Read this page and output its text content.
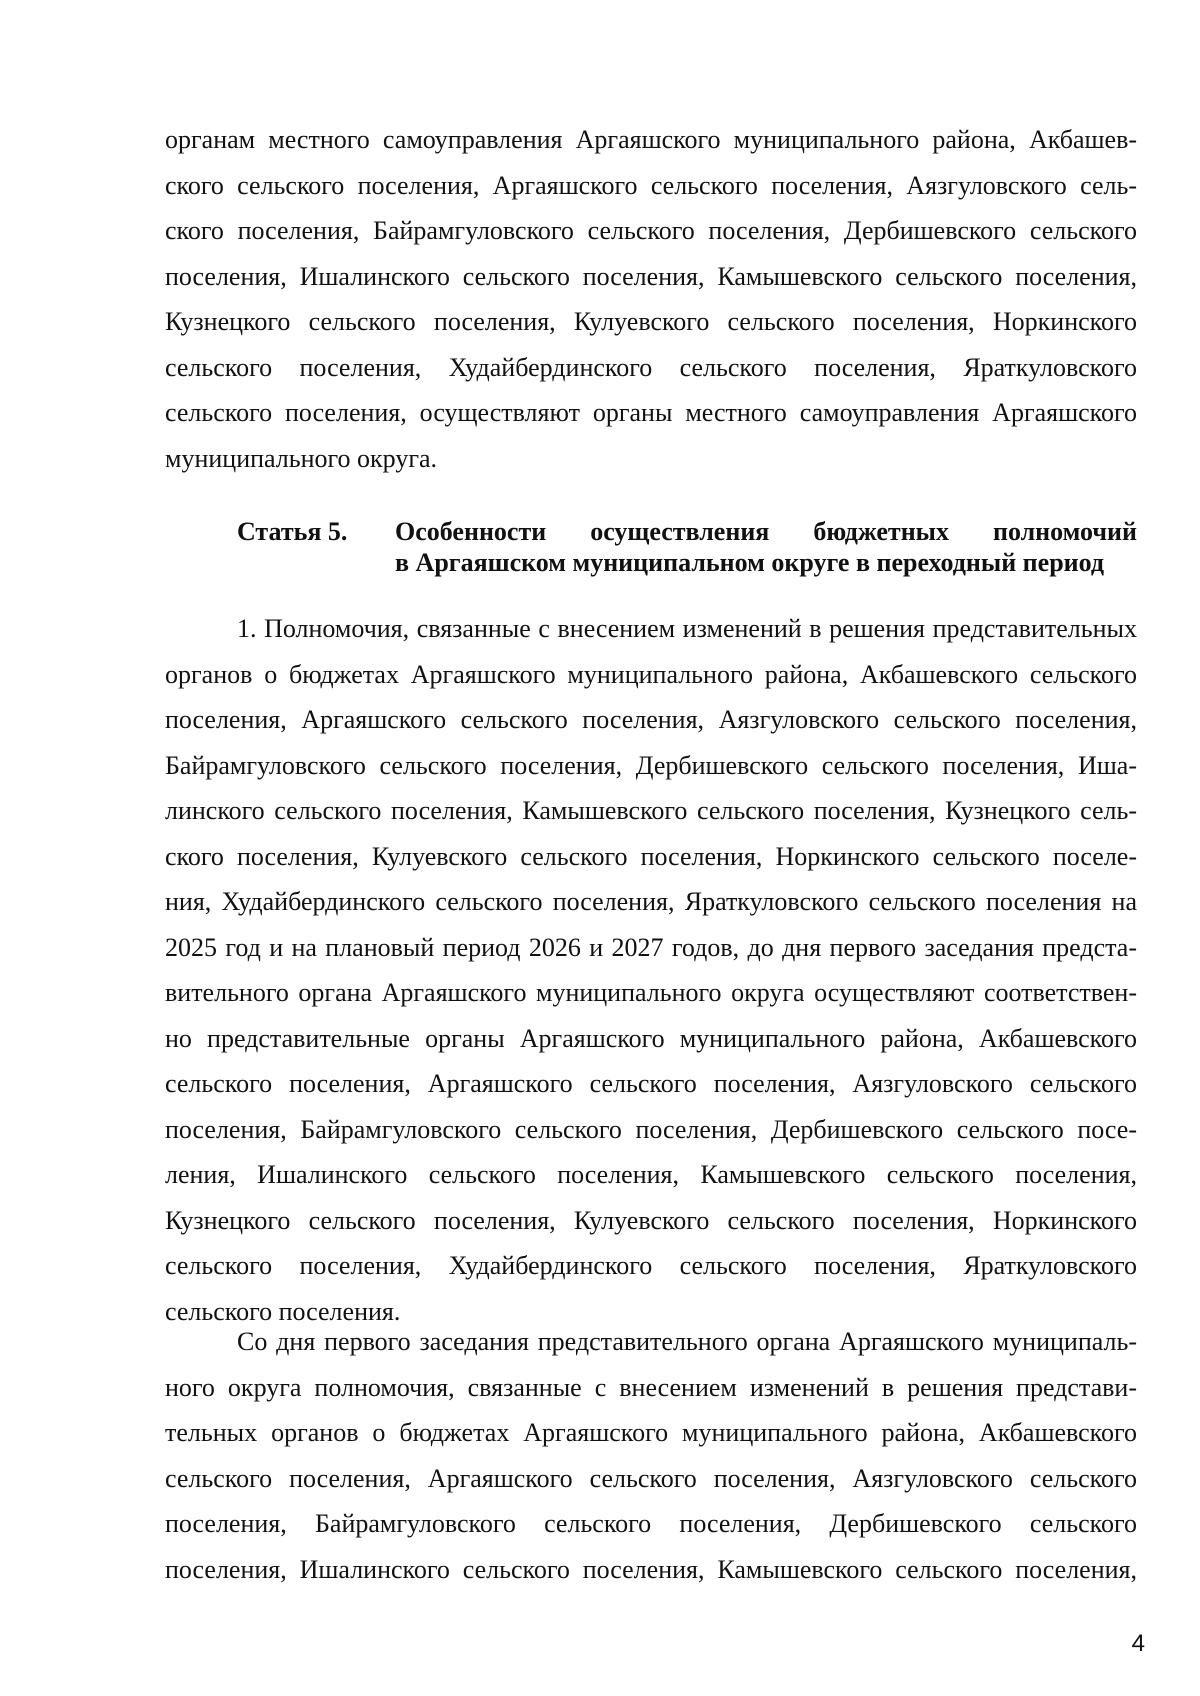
органам местного самоуправления Аргаяшского муниципального района, Акбашев-
ского сельского поселения, Аргаяшского сельского поселения, Аязгуловского сель-
ского поселения, Байрамгуловского сельского поселения, Дербишевского сельского
поселения, Ишалинского сельского поселения, Камышевского сельского поселения,
Кузнецкого сельского поселения, Кулуевского сельского поселения, Норкинского
сельского поселения, Худайбердинского сельского поселения, Яраткуловского
сельского поселения, осуществляют органы местного самоуправления Аргаяшского
муниципального округа.
Статья 5.	Особенности осуществления бюджетных полномочий
в Аргаяшском муниципальном округе в переходный период
1. Полномочия, связанные с внесением изменений в решения представительных
органов о бюджетах Аргаяшского муниципального района, Акбашевского сельского
поселения, Аргаяшского сельского поселения, Аязгуловского сельского поселения,
Байрамгуловского сельского поселения, Дербишевского сельского поселения, Иша-
линского сельского поселения, Камышевского сельского поселения, Кузнецкого сель-
ского поселения, Кулуевского сельского поселения, Норкинского сельского поселе-
ния, Худайбердинского сельского поселения, Яраткуловского сельского поселения на
2025 год и на плановый период 2026 и 2027 годов, до дня первого заседания предста-
вительного органа Аргаяшского муниципального округа осуществляют соответствен-
но представительные органы Аргаяшского муниципального района, Акбашевского
сельского поселения, Аргаяшского сельского поселения, Аязгуловского сельского
поселения, Байрамгуловского сельского поселения, Дербишевского сельского посе-
ления, Ишалинского сельского поселения, Камышевского сельского поселения,
Кузнецкого сельского поселения, Кулуевского сельского поселения, Норкинского
сельского поселения, Худайбердинского сельского поселения, Яраткуловского
сельского поселения.
Со дня первого заседания представительного органа Аргаяшского муниципаль-
ного округа полномочия, связанные с внесением изменений в решения представи-
тельных органов о бюджетах Аргаяшского муниципального района, Акбашевского
сельского поселения, Аргаяшского сельского поселения, Аязгуловского сельского
поселения, Байрамгуловского сельского поселения, Дербишевского сельского
поселения, Ишалинского сельского поселения, Камышевского сельского поселения,
4
